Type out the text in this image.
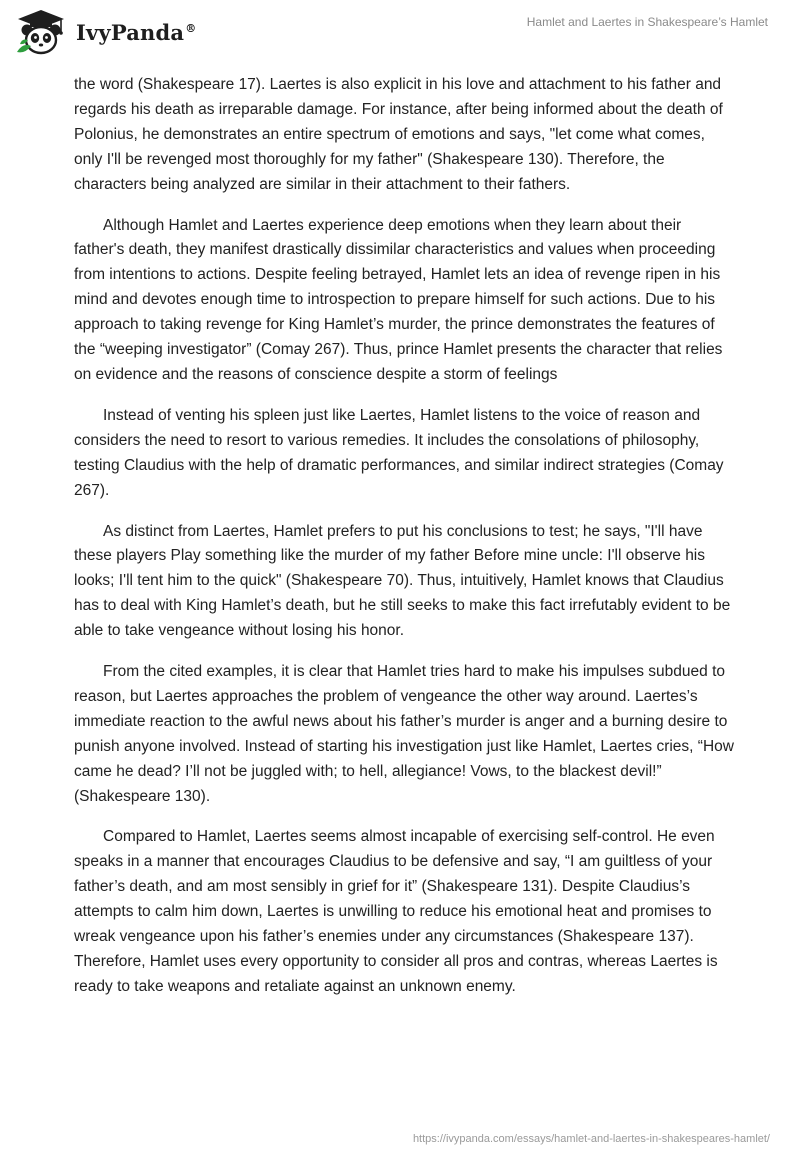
IvyPanda®	Hamlet and Laertes in Shakespeare’s Hamlet

the word (Shakespeare 17). Laertes is also explicit in his love and attachment to his father and regards his death as irreparable damage. For instance, after being informed about the death of Polonius, he demonstrates an entire spectrum of emotions and says, "let come what comes, only I'll be revenged most thoroughly for my father" (Shakespeare 130). Therefore, the characters being analyzed are similar in their attachment to their fathers.

Although Hamlet and Laertes experience deep emotions when they learn about their father's death, they manifest drastically dissimilar characteristics and values when proceeding from intentions to actions. Despite feeling betrayed, Hamlet lets an idea of revenge ripen in his mind and devotes enough time to introspection to prepare himself for such actions. Due to his approach to taking revenge for King Hamlet’s murder, the prince demonstrates the features of the “weeping investigator” (Comay 267). Thus, prince Hamlet presents the character that relies on evidence and the reasons of conscience despite a storm of feelings

Instead of venting his spleen just like Laertes, Hamlet listens to the voice of reason and considers the need to resort to various remedies. It includes the consolations of philosophy, testing Claudius with the help of dramatic performances, and similar indirect strategies (Comay 267).

As distinct from Laertes, Hamlet prefers to put his conclusions to test; he says, "I'll have these players Play something like the murder of my father Before mine uncle: I'll observe his looks; I'll tent him to the quick" (Shakespeare 70). Thus, intuitively, Hamlet knows that Claudius has to deal with King Hamlet’s death, but he still seeks to make this fact irrefutably evident to be able to take vengeance without losing his honor.

From the cited examples, it is clear that Hamlet tries hard to make his impulses subdued to reason, but Laertes approaches the problem of vengeance the other way around. Laertes’s immediate reaction to the awful news about his father’s murder is anger and a burning desire to punish anyone involved. Instead of starting his investigation just like Hamlet, Laertes cries, “How came he dead? I’ll not be juggled with; to hell, allegiance! Vows, to the blackest devil!” (Shakespeare 130).

Compared to Hamlet, Laertes seems almost incapable of exercising self-control. He even speaks in a manner that encourages Claudius to be defensive and say, “I am guiltless of your father’s death, and am most sensibly in grief for it” (Shakespeare 131). Despite Claudius’s attempts to calm him down, Laertes is unwilling to reduce his emotional heat and promises to wreak vengeance upon his father’s enemies under any circumstances (Shakespeare 137). Therefore, Hamlet uses every opportunity to consider all pros and contras, whereas Laertes is ready to take weapons and retaliate against an unknown enemy.

https://ivypanda.com/essays/hamlet-and-laertes-in-shakespeares-hamlet/
